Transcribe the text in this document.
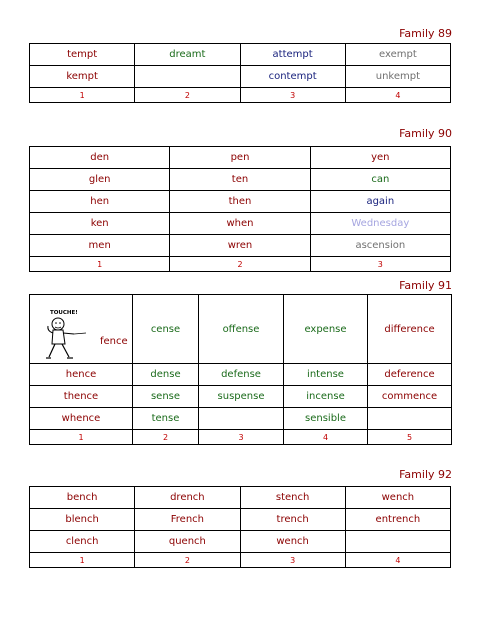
Family 89
tempt	dreamt	attempt	exempt
kempt		contempt	unkempt
1	2	3	4
Family 90
den	pen	yen
glen	ten	can
hen	then	again
ken	when	Wednesday
men	wren	ascension
1	2	3
Family 91
TOUCHE!
fence	cense	offense	expense	difference
hence	dense	defense	intense	deference
thence	sense	suspense	incense	commence
whence	tense		sensible	
1	2	3	4	5
Family 92
bench	drench	stench	wench
blench	French	trench	entrench
clench	quench	wench	
1	2	3	4
